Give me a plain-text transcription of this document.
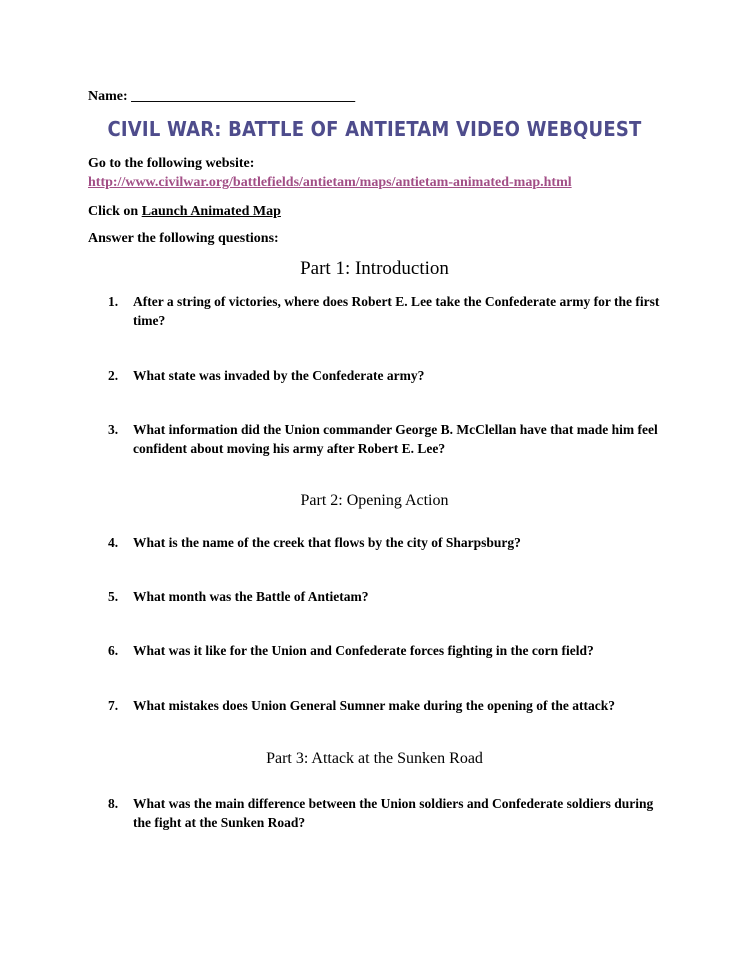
Name: ________________________________
CIVIL WAR: BATTLE OF ANTIETAM VIDEO WEBQUEST
Go to the following website:
http://www.civilwar.org/battlefields/antietam/maps/antietam-animated-map.html
Click on Launch Animated Map
Answer the following questions:
Part 1: Introduction
1.	After a string of victories, where does Robert E. Lee take the Confederate army for the first time?
2.	What state was invaded by the Confederate army?
3.	What information did the Union commander George B. McClellan have that made him feel confident about moving his army after Robert E. Lee?
Part 2: Opening Action
4.	What is the name of the creek that flows by the city of Sharpsburg?
5.	What month was the Battle of Antietam?
6.	What was it like for the Union and Confederate forces fighting in the corn field?
7.	What mistakes does Union General Sumner make during the opening of the attack?
Part 3: Attack at the Sunken Road
8.	What was the main difference between the Union soldiers and Confederate soldiers during the fight at the Sunken Road?
